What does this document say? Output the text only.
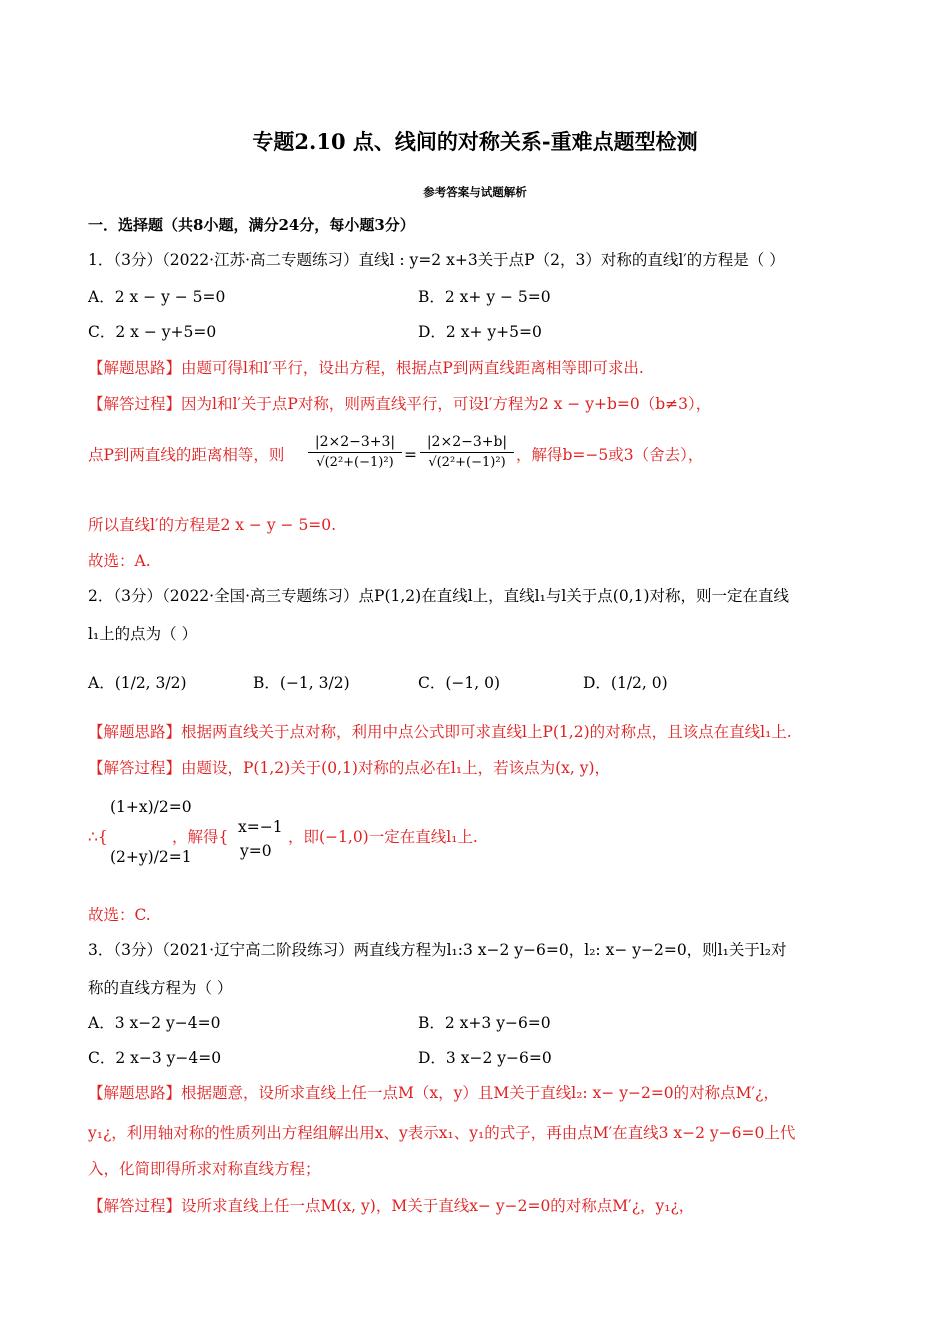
专题2.10 点、线间的对称关系-重难点题型检测
参考答案与试题解析
一．选择题（共8小题，满分24分，每小题3分）
1．（3分）（2022·江苏·高二专题练习）直线l : y=2 x+3关于点P（2，3）对称的直线l′的方程是（ ）
A．2 x − y − 5=0	B．2 x+ y − 5=0
C．2 x − y+5=0	D．2 x+ y+5=0
【解题思路】由题可得l和l′平行，设出方程，根据点P到两直线距离相等即可求出.
【解答过程】因为l和l′关于点P对称，则两直线平行，可设l′方程为2 x − y+b=0（b≠3），
点P到两直线的距离相等，则 $\frac{|2\times 2-3+3|}{\text{√(2²+(−1)²)}} = \frac{|2\times 2-3+b|}{\text{√(2²+(−1)²)}}$ ，解得b=−5或3（舍去），
所以直线l′的方程是2 x − y − 5=0.
故选：A.
2．（3分）（2022·全国·高三专题练习）点P(1,2)在直线l上，直线l₁与l关于点(0,1)对称，则一定在直线
l₁上的点为（ ）
A．(1/2, 3/2)	B．(−1, 3/2)	C．(−1, 0)	D．(1/2, 0)
【解题思路】根据两直线关于点对称，利用中点公式即可求直线l上P(1,2)的对称点，且该点在直线l₁上.
【解答过程】由题设，P(1,2)关于(0,1)对称的点必在l₁上，若该点为(x, y)，
∴{
(1+x)/2=0
(2+y)/2=1
，解得{
x=−1
y=0
，即(−1,0)一定在直线l₁上.
故选：C.
3．（3分）（2021·辽宁高二阶段练习）两直线方程为l₁:3 x−2 y−6=0，l₂: x− y−2=0，则l₁关于l₂对
称的直线方程为（ ）
A．3 x−2 y−4=0	B．2 x+3 y−6=0
C．2 x−3 y−4=0	D．3 x−2 y−6=0
【解题思路】根据题意，设所求直线上任一点M（x，y）且M关于直线l₂: x− y−2=0的对称点M′¿，
y₁¿，利用轴对称的性质列出方程组解出用x、y表示x₁、y₁的式子，再由点M′在直线3 x−2 y−6=0上代
入，化简即得所求对称直线方程；
【解答过程】设所求直线上任一点M(x, y)，M关于直线x− y−2=0的对称点M′¿，y₁¿，
